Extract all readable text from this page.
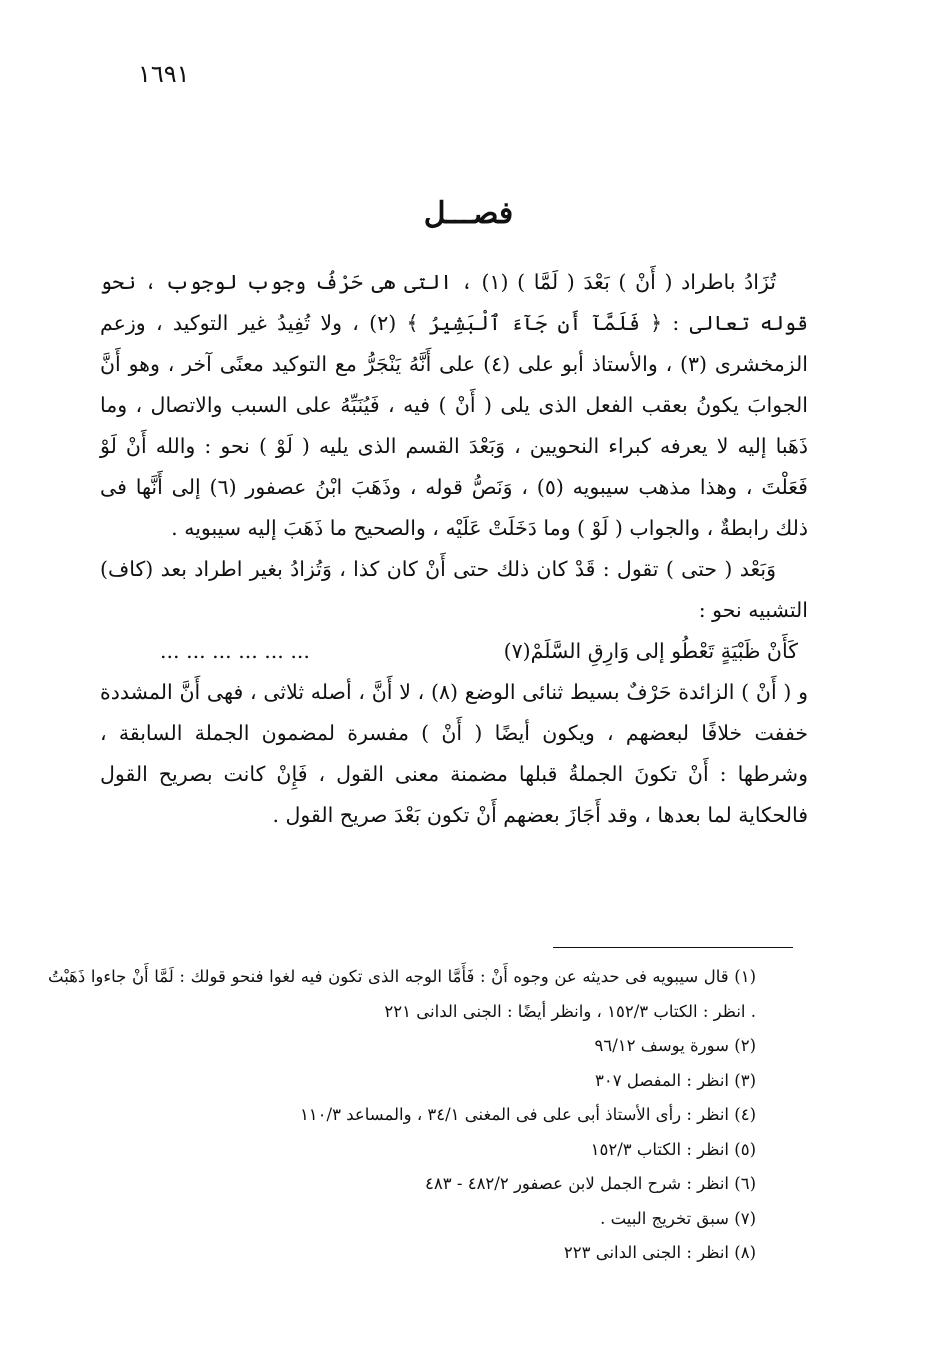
١٦٩١
فصـــل

تُزَادُ باطراد ( أَنْ ) بَعْدَ ( لَمَّا ) (١) ، التى هى حَرْفُ وجوب لوجوب ، نحو قوله تعالى : ﴿ فَلَمَّآ أَن جَآءَ ٱلْبَشِيرُ ﴾ (٢) ، ولا تُفِيدُ غير التوكيد ، وزعم الزمخشرى (٣) ، والأستاذ أبو على (٤) على أَنَّهُ يَنْجَرُّ مع التوكيد معنًى آخر ، وهو أَنَّ الجوابَ يكونُ بعقب الفعل الذى يلى ( أَنْ ) فيه ، فَيُنَبِّهُ على السبب والاتصال ، وما ذَهَبا إليه لا يعرفه كبراء النحويين ، وَبَعْدَ القسم الذى يليه ( لَوْ ) نحو : والله أَنْ لَوْ فَعَلْتَ ، وهذا مذهب سيبويه (٥) ، وَنَصُّ قوله ، وذَهَبَ ابْنُ عصفور (٦) إلى أَنَّها فى ذلك رابطةٌ ، والجواب ( لَوْ ) وما دَخَلَتْ عَلَيْه ، والصحيح ما ذَهَبَ إليه سيبويه .

وَبَعْد ( حتى ) تقول : قَدْ كان ذلك حتى أَنْ كان كذا ، وَتُزادُ بغير اطراد بعد (كاف) التشبيه نحو :

كَأَنْ ظَبْيَةٍ تَعْطُو إلى وَارِقِ السَّلَمْ(٧)
... ... ... ... ... ...

و ( أَنْ ) الزائدة حَرْفٌ بسيط ثنائى الوضع (٨) ، لا أَنَّ ، أصله ثلاثى ، فهى أَنَّ المشددة خففت خلافًا لبعضهم ، ويكون أيضًا ( أَنْ ) مفسرة لمضمون الجملة السابقة ، وشرطها : أَنْ تكونَ الجملةُ قبلها مضمنة معنى القول ، فَإِنْ كانت بصريح القول فالحكاية لما بعدها ، وقد أَجَازَ بعضهم أَنْ تكون بَعْدَ صريح القول .

(١) قال سيبويه فى حديثه عن وجوه أَنْ : فَأَمَّا الوجه الذى تكون فيه لغوا فنحو قولك : لَمَّا أَنْ جاءوا ذَهَبْتُ . انظر : الكتاب ١٥٢/٣ ، وانظر أيضًا : الجنى الدانى ٢٢١

(٢) سورة يوسف ٩٦/١٢

(٣) انظر : المفصل ٣٠٧

(٤) انظر : رأى الأستاذ أبى على فى المغنى ٣٤/١ ، والمساعد ١١٠/٣

(٥) انظر : الكتاب ١٥٢/٣

(٦) انظر : شرح الجمل لابن عصفور ٤٨٢/٢ - ٤٨٣

(٧) سبق تخريج البيت .

(٨) انظر : الجنى الدانى ٢٢٣
